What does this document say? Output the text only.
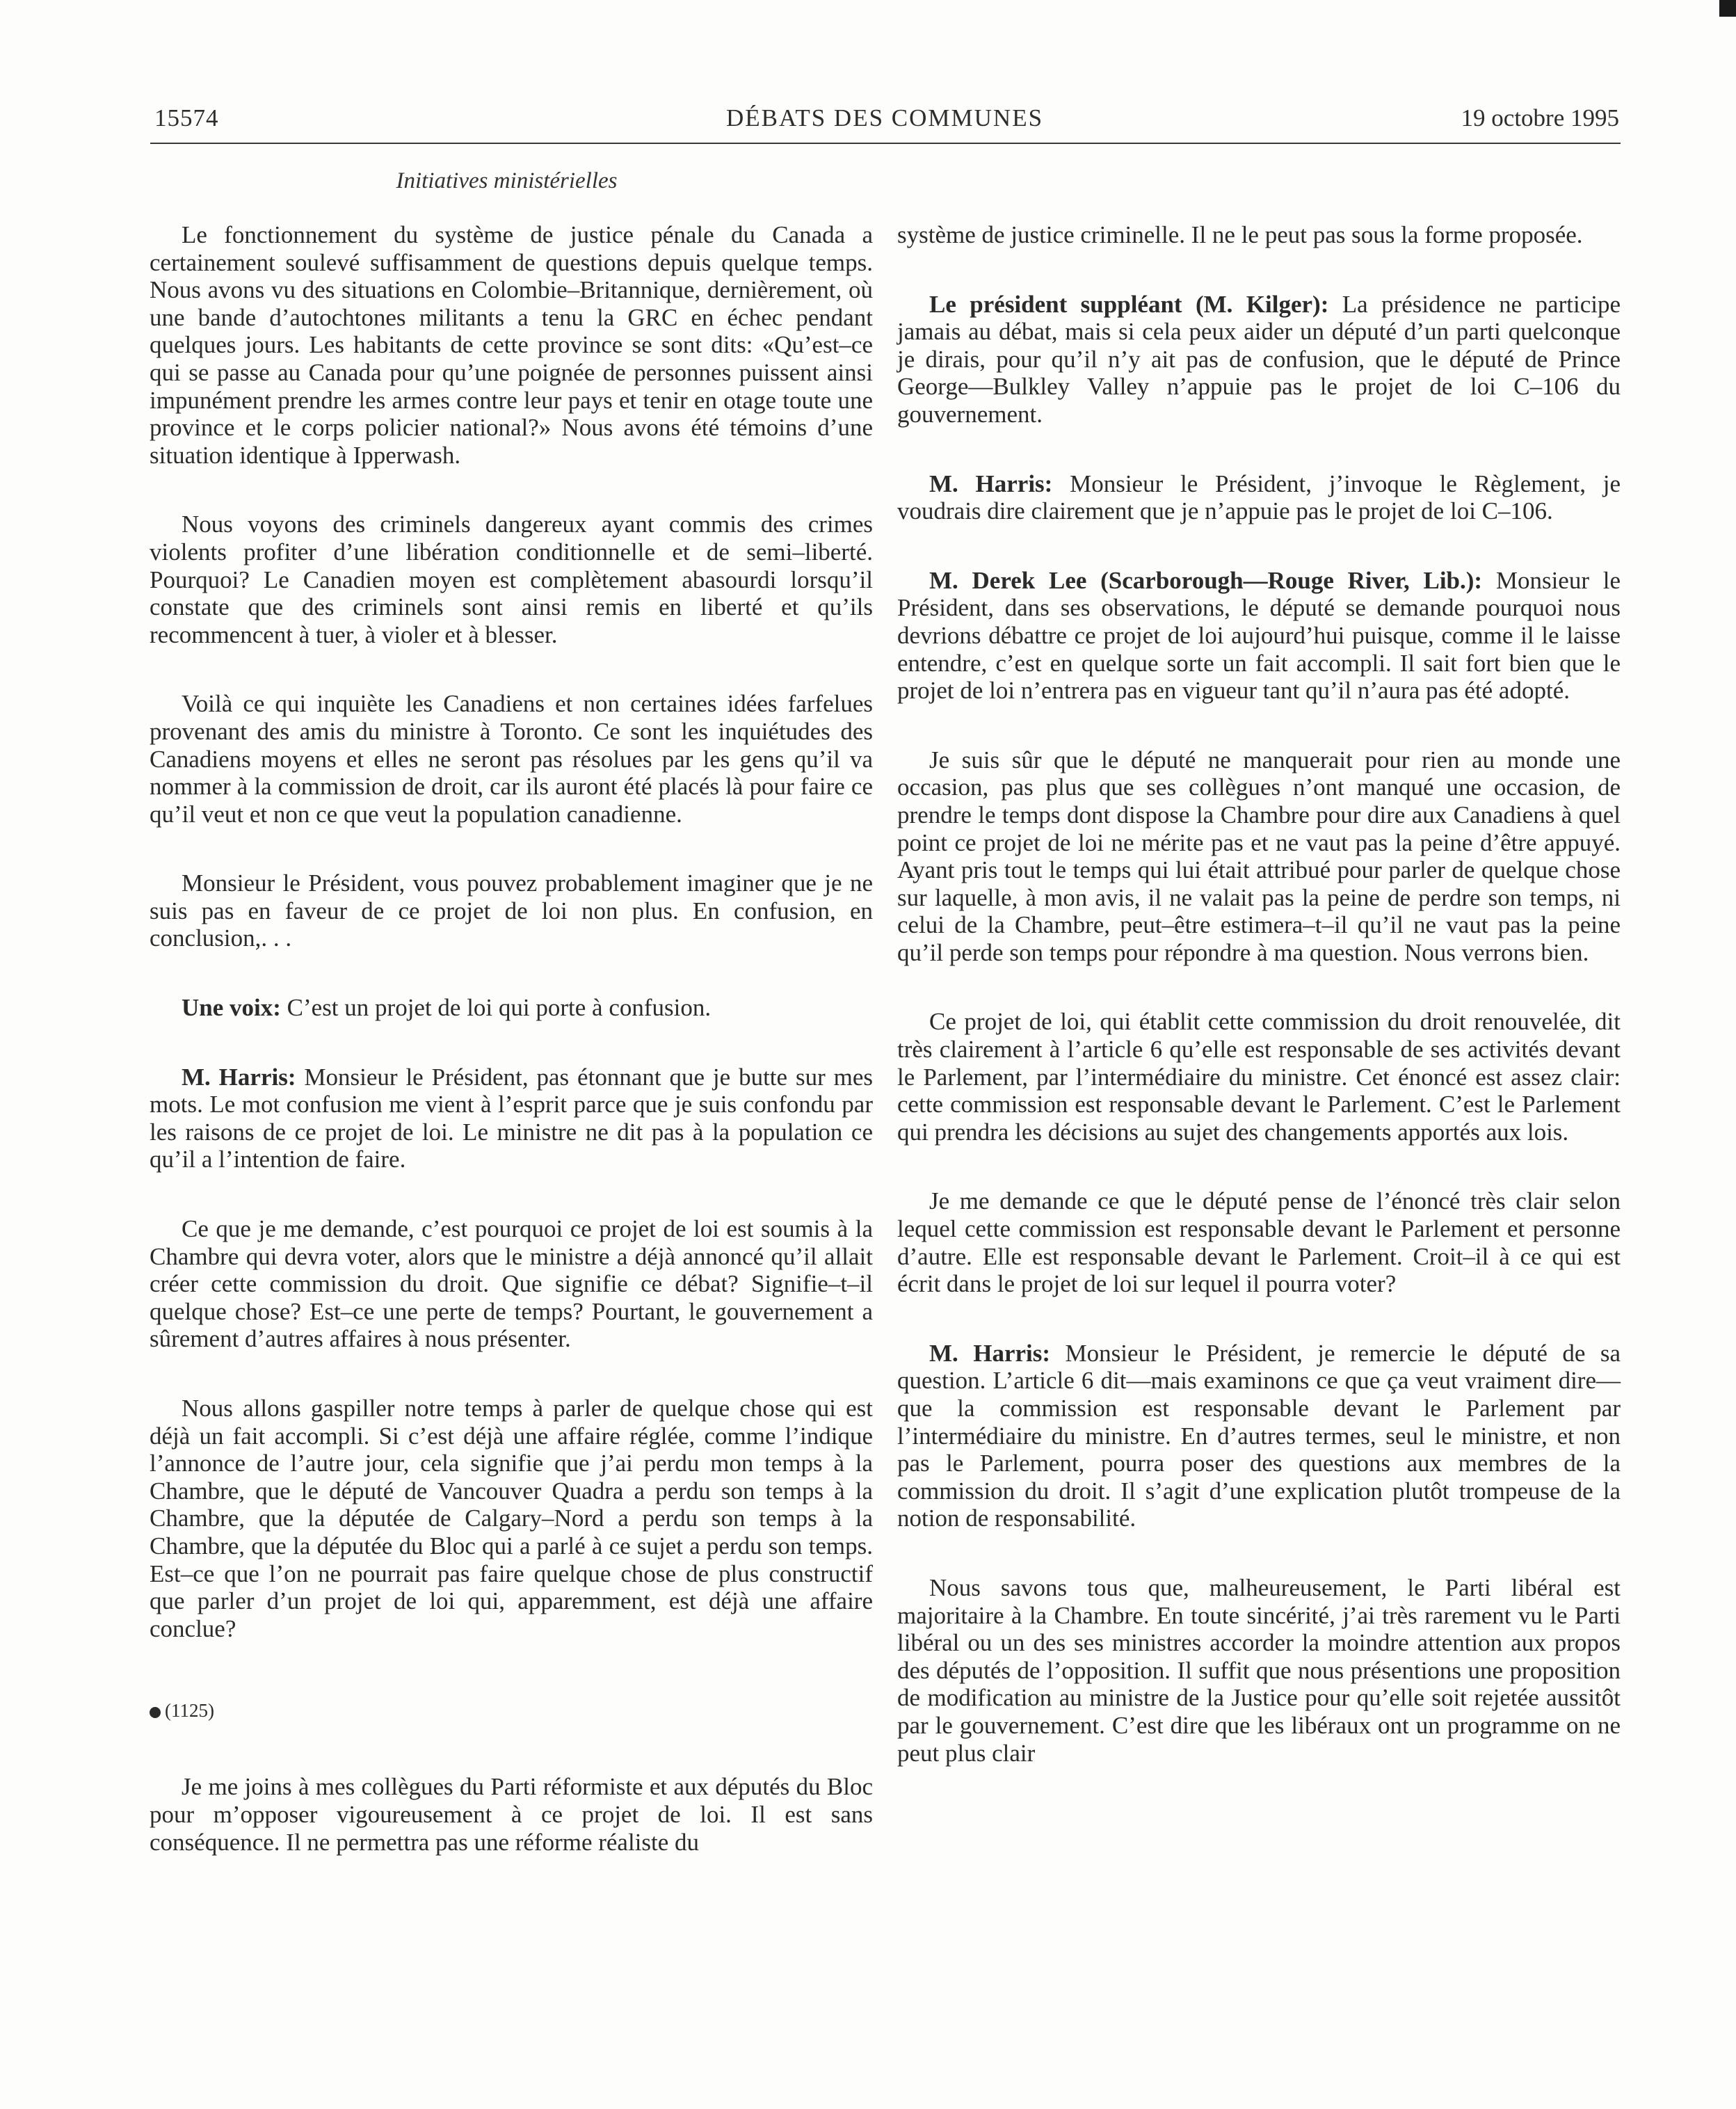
15574	DÉBATS DES COMMUNES	19 octobre 1995
Initiatives ministérielles

Le fonctionnement du système de justice pénale du Canada a certainement soulevé suffisamment de questions depuis quelque temps. Nous avons vu des situations en Colombie–Britannique, dernièrement, où une bande d’autochtones militants a tenu la GRC en échec pendant quelques jours. Les habitants de cette province se sont dits: «Qu’est–ce qui se passe au Canada pour qu’une poignée de personnes puissent ainsi impunément prendre les armes contre leur pays et tenir en otage toute une province et le corps policier national?» Nous avons été témoins d’une situation identique à Ipperwash.

Nous voyons des criminels dangereux ayant commis des crimes violents profiter d’une libération conditionnelle et de semi–liberté. Pourquoi? Le Canadien moyen est complètement abasourdi lorsqu’il constate que des criminels sont ainsi remis en liberté et qu’ils recommencent à tuer, à violer et à blesser.

Voilà ce qui inquiète les Canadiens et non certaines idées farfelues provenant des amis du ministre à Toronto. Ce sont les inquiétudes des Canadiens moyens et elles ne seront pas résolues par les gens qu’il va nommer à la commission de droit, car ils auront été placés là pour faire ce qu’il veut et non ce que veut la population canadienne.

Monsieur le Président, vous pouvez probablement imaginer que je ne suis pas en faveur de ce projet de loi non plus. En confusion, en conclusion,. . .

Une voix: C’est un projet de loi qui porte à confusion.

M. Harris: Monsieur le Président, pas étonnant que je butte sur mes mots. Le mot confusion me vient à l’esprit parce que je suis confondu par les raisons de ce projet de loi. Le ministre ne dit pas à la population ce qu’il a l’intention de faire.

Ce que je me demande, c’est pourquoi ce projet de loi est soumis à la Chambre qui devra voter, alors que le ministre a déjà annoncé qu’il allait créer cette commission du droit. Que signifie ce débat? Signifie–t–il quelque chose? Est–ce une perte de temps? Pourtant, le gouvernement a sûrement d’autres affaires à nous présenter.

Nous allons gaspiller notre temps à parler de quelque chose qui est déjà un fait accompli. Si c’est déjà une affaire réglée, comme l’indique l’annonce de l’autre jour, cela signifie que j’ai perdu mon temps à la Chambre, que le député de Vancouver Quadra a perdu son temps à la Chambre, que la députée de Calgary–Nord a perdu son temps à la Chambre, que la députée du Bloc qui a parlé à ce sujet a perdu son temps. Est–ce que l’on ne pourrait pas faire quelque chose de plus constructif que parler d’un projet de loi qui, apparemment, est déjà une affaire conclue?

(1125)

Je me joins à mes collègues du Parti réformiste et aux députés du Bloc pour m’opposer vigoureusement à ce projet de loi. Il est sans conséquence. Il ne permettra pas une réforme réaliste du

système de justice criminelle. Il ne le peut pas sous la forme proposée.

Le président suppléant (M. Kilger): La présidence ne participe jamais au débat, mais si cela peux aider un député d’un parti quelconque je dirais, pour qu’il n’y ait pas de confusion, que le député de Prince George—Bulkley Valley n’appuie pas le projet de loi C–106 du gouvernement.

M. Harris: Monsieur le Président, j’invoque le Règlement, je voudrais dire clairement que je n’appuie pas le projet de loi C–106.

M. Derek Lee (Scarborough—Rouge River, Lib.): Monsieur le Président, dans ses observations, le député se demande pourquoi nous devrions débattre ce projet de loi aujourd’hui puisque, comme il le laisse entendre, c’est en quelque sorte un fait accompli. Il sait fort bien que le projet de loi n’entrera pas en vigueur tant qu’il n’aura pas été adopté.

Je suis sûr que le député ne manquerait pour rien au monde une occasion, pas plus que ses collègues n’ont manqué une occasion, de prendre le temps dont dispose la Chambre pour dire aux Canadiens à quel point ce projet de loi ne mérite pas et ne vaut pas la peine d’être appuyé. Ayant pris tout le temps qui lui était attribué pour parler de quelque chose sur laquelle, à mon avis, il ne valait pas la peine de perdre son temps, ni celui de la Chambre, peut–être estimera–t–il qu’il ne vaut pas la peine qu’il perde son temps pour répondre à ma question. Nous verrons bien.

Ce projet de loi, qui établit cette commission du droit renouvelée, dit très clairement à l’article 6 qu’elle est responsable de ses activités devant le Parlement, par l’intermédiaire du ministre. Cet énoncé est assez clair: cette commission est responsable devant le Parlement. C’est le Parlement qui prendra les décisions au sujet des changements apportés aux lois.

Je me demande ce que le député pense de l’énoncé très clair selon lequel cette commission est responsable devant le Parlement et personne d’autre. Elle est responsable devant le Parlement. Croit–il à ce qui est écrit dans le projet de loi sur lequel il pourra voter?

M. Harris: Monsieur le Président, je remercie le député de sa question. L’article 6 dit—mais examinons ce que ça veut vraiment dire—que la commission est responsable devant le Parlement par l’intermédiaire du ministre. En d’autres termes, seul le ministre, et non pas le Parlement, pourra poser des questions aux membres de la commission du droit. Il s’agit d’une explication plutôt trompeuse de la notion de responsabilité.

Nous savons tous que, malheureusement, le Parti libéral est majoritaire à la Chambre. En toute sincérité, j’ai très rarement vu le Parti libéral ou un des ses ministres accorder la moindre attention aux propos des députés de l’opposition. Il suffit que nous présentions une proposition de modification au ministre de la Justice pour qu’elle soit rejetée aussitôt par le gouvernement. C’est dire que les libéraux ont un programme on ne peut plus clair
